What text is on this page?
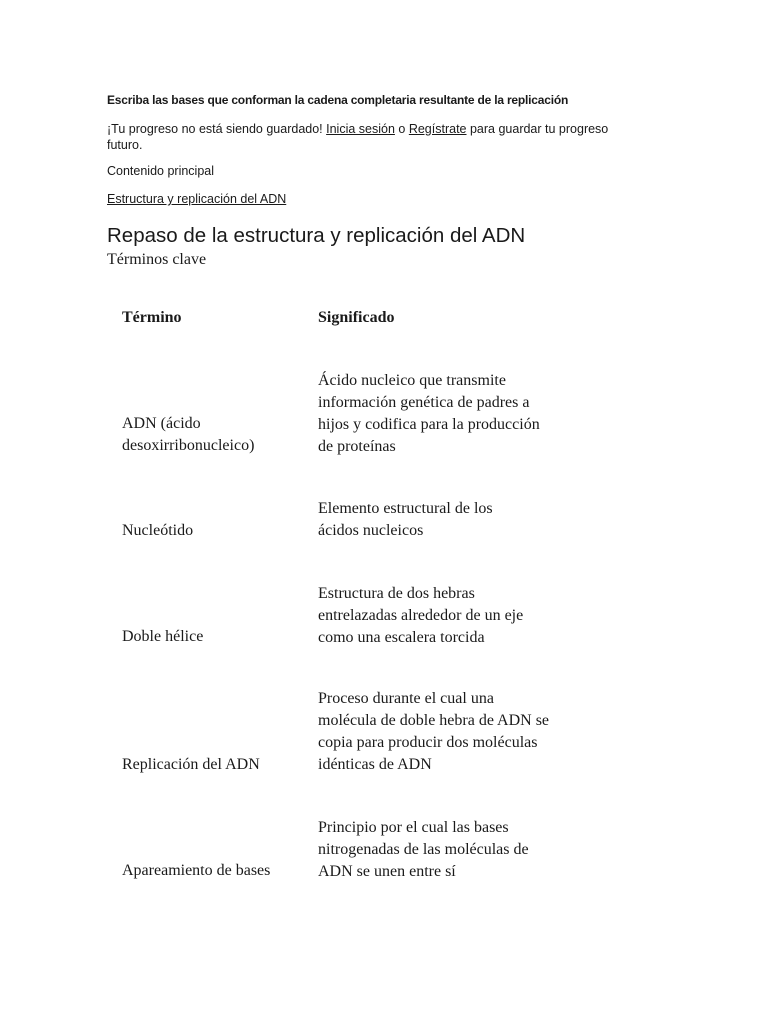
Escriba las bases que conforman la cadena completaria resultante de la replicación
¡Tu progreso no está siendo guardado! Inicia sesión o Regístrate para guardar tu progreso futuro.
Contenido principal
Estructura y replicación del ADN
Repaso de la estructura y replicación del ADN
Términos clave
Término	Significado
Ácido nucleico que transmite información genética de padres a hijos y codifica para la producción de proteínas
ADN (ácido desoxirribonucleico)
Elemento estructural de los ácidos nucleicos
Nucleótido
Estructura de dos hebras entrelazadas alrededor de un eje como una escalera torcida
Doble hélice
Proceso durante el cual una molécula de doble hebra de ADN se copia para producir dos moléculas idénticas de ADN
Replicación del ADN
Principio por el cual las bases nitrogenadas de las moléculas de ADN se unen entre sí
Apareamiento de bases
